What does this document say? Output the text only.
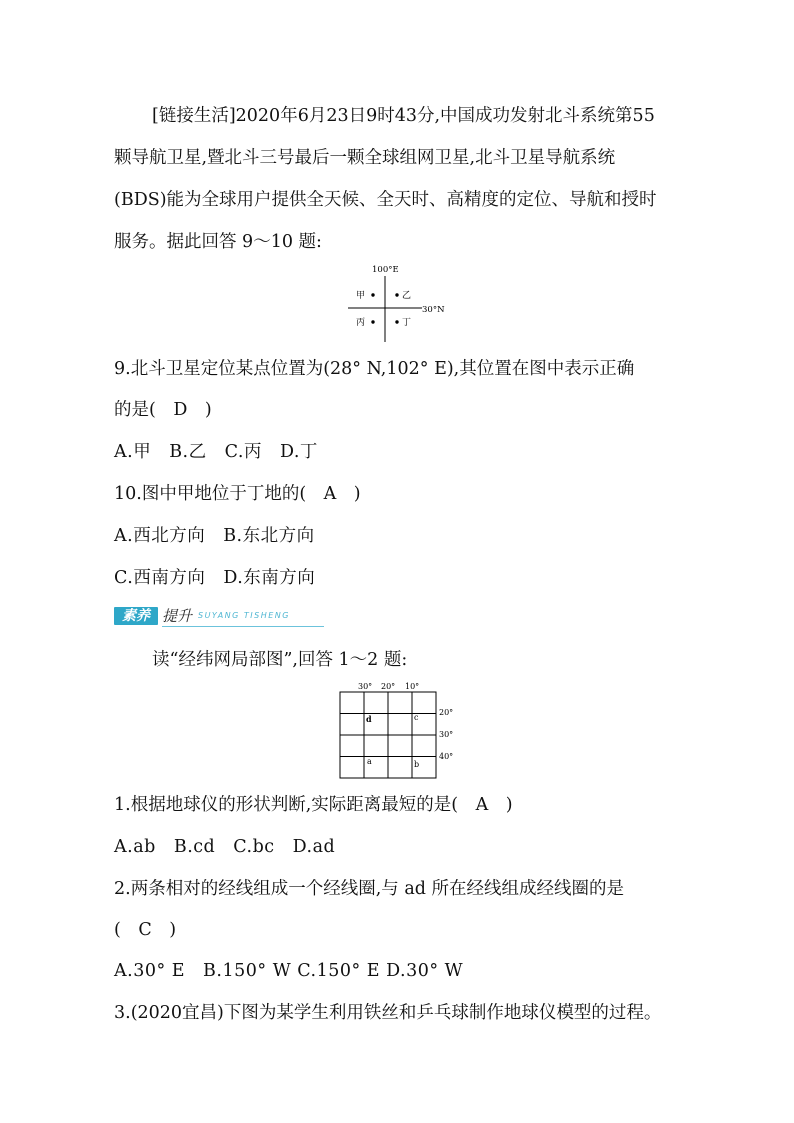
[链接生活]2020年6月23日9时43分,中国成功发射北斗系统第55
颗导航卫星,暨北斗三号最后一颗全球组网卫星,北斗卫星导航系统
(BDS)能为全球用户提供全天候、全天时、高精度的定位、导航和授时
服务。据此回答 9～10 题:
100°E
30°N
甲	乙
丙	丁
9.北斗卫星定位某点位置为(28° N,102° E),其位置在图中表示正确
的是(　D　)
A.甲　B.乙　C.丙　D.丁
10.图中甲地位于丁地的(　A　)
A.西北方向　B.东北方向
C.西南方向　D.东南方向
素养 提升 SUYANG TISHENG
读“经纬网局部图”,回答 1～2 题:
30° 20° 10°
20°
30°
40°
d	c
a	b
1.根据地球仪的形状判断,实际距离最短的是(　A　)
A.ab　B.cd　C.bc　D.ad
2.两条相对的经线组成一个经线圈,与 ad 所在经线组成经线圈的是
(　C　)
A.30° E　B.150° W C.150° E D.30° W
3.(2020宜昌)下图为某学生利用铁丝和乒乓球制作地球仪模型的过程。
